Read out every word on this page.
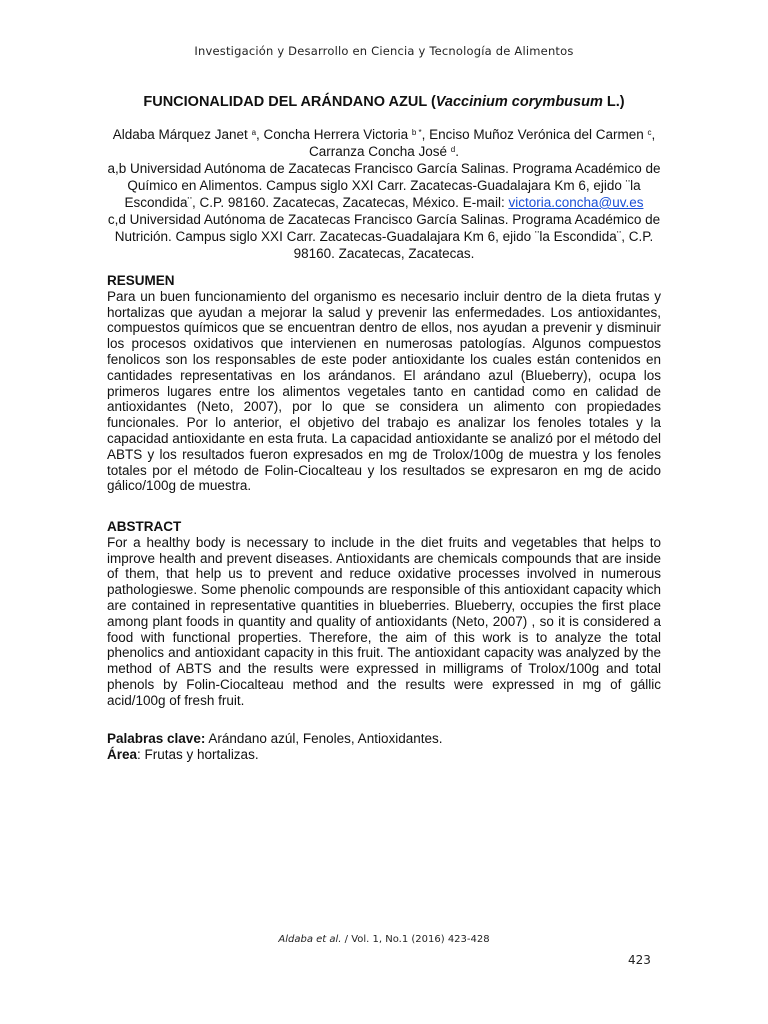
Investigación y Desarrollo en Ciencia y Tecnología de Alimentos
FUNCIONALIDAD DEL ARÁNDANO AZUL (Vaccinium corymbusum L.)

Aldaba Márquez Janet $^a$, Concha Herrera Victoria $^{b *}$, Enciso Muñoz Verónica del Carmen $^c$, Carranza Concha José $^d$.

a,b Universidad Autónoma de Zacatecas Francisco García Salinas. Programa Académico de Químico en Alimentos. Campus siglo XXI Carr. Zacatecas-Guadalajara Km 6, ejido ¨la Escondida¨, C.P. 98160. Zacatecas, Zacatecas, México. E-mail: victoria.concha@uv.es

c,d Universidad Autónoma de Zacatecas Francisco García Salinas. Programa Académico de Nutrición. Campus siglo XXI Carr. Zacatecas-Guadalajara Km 6, ejido ¨la Escondida¨, C.P. 98160. Zacatecas, Zacatecas.

RESUMEN

Para un buen funcionamiento del organismo es necesario incluir dentro de la dieta frutas y hortalizas que ayudan a mejorar la salud y prevenir las enfermedades. Los antioxidantes, compuestos químicos que se encuentran dentro de ellos, nos ayudan a prevenir y disminuir los procesos oxidativos que intervienen en numerosas patologías. Algunos compuestos fenolicos son los responsables de este poder antioxidante los cuales están contenidos en cantidades representativas en los arándanos. El arándano azul (Blueberry), ocupa los primeros lugares entre los alimentos vegetales tanto en cantidad como en calidad de antioxidantes (Neto, 2007), por lo que se considera un alimento con propiedades funcionales. Por lo anterior, el objetivo del trabajo es analizar los fenoles totales y la capacidad antioxidante en esta fruta. La capacidad antioxidante se analizó por el método del ABTS y los resultados fueron expresados en mg de Trolox/100g de muestra y los fenoles totales por el método de Folin-Ciocalteau y los resultados se expresaron en mg de acido gálico/100g de muestra.

ABSTRACT

For a healthy body is necessary to include in the diet fruits and vegetables that helps to improve health and prevent diseases. Antioxidants are chemicals compounds that are inside of them, that help us to prevent and reduce oxidative processes involved in numerous pathologieswe. Some phenolic compounds are responsible of this antioxidant capacity which are contained in representative quantities in blueberries. Blueberry, occupies the first place among plant foods in quantity and quality of antioxidants (Neto, 2007) , so it is considered a food with functional properties. Therefore, the aim of this work is to analyze the total phenolics and antioxidant capacity in this fruit. The antioxidant capacity was analyzed by the method of ABTS and the results were expressed in milligrams of Trolox/100g and total phenols by Folin-Ciocalteau method and the results were expressed in mg of gállic acid/100g of fresh fruit.

Palabras clave: Arándano azúl, Fenoles, Antioxidantes.

Área: Frutas y hortalizas.

Aldaba et al. / Vol. 1, No.1 (2016) 423-428
423
